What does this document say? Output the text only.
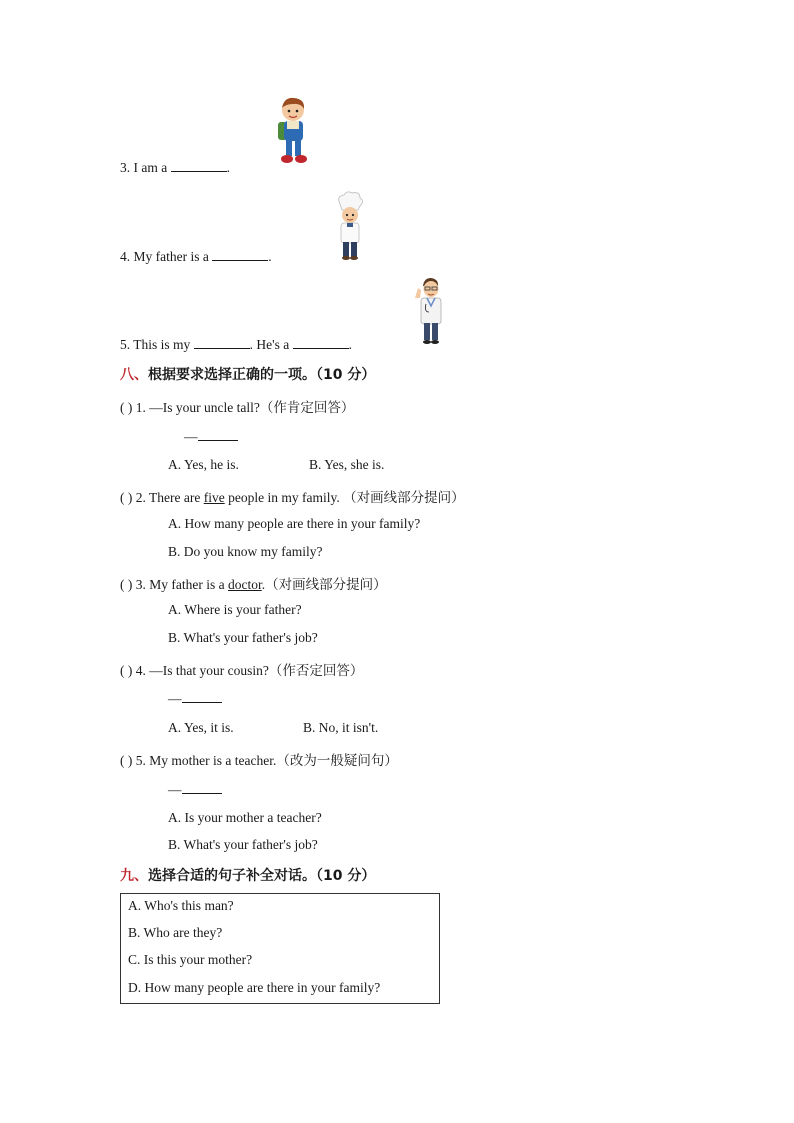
3. I am a	.
4. My father is a	.
5. This is my	. He's a	.
八、根据要求选择正确的一项。（10 分）
( ) 1. —Is your uncle tall?（作肯定回答）
—
A. Yes, he is.	B. Yes, she is.
( ) 2. There are five people in my family. （对画线部分提问）
A. How many people are there in your family?
B. Do you know my family?
( ) 3. My father is a doctor.（对画线部分提问）
A. Where is your father?
B. What's your father's job?
( ) 4. —Is that your cousin?（作否定回答）
—
A. Yes, it is.	B. No, it isn't.
( ) 5. My mother is a teacher.（改为一般疑问句）
—
A. Is your mother a teacher?
B. What's your father's job?
九、选择合适的句子补全对话。（10 分）
A. Who's this man?
B. Who are they?
C. Is this your mother?
D. How many people are there in your family?
